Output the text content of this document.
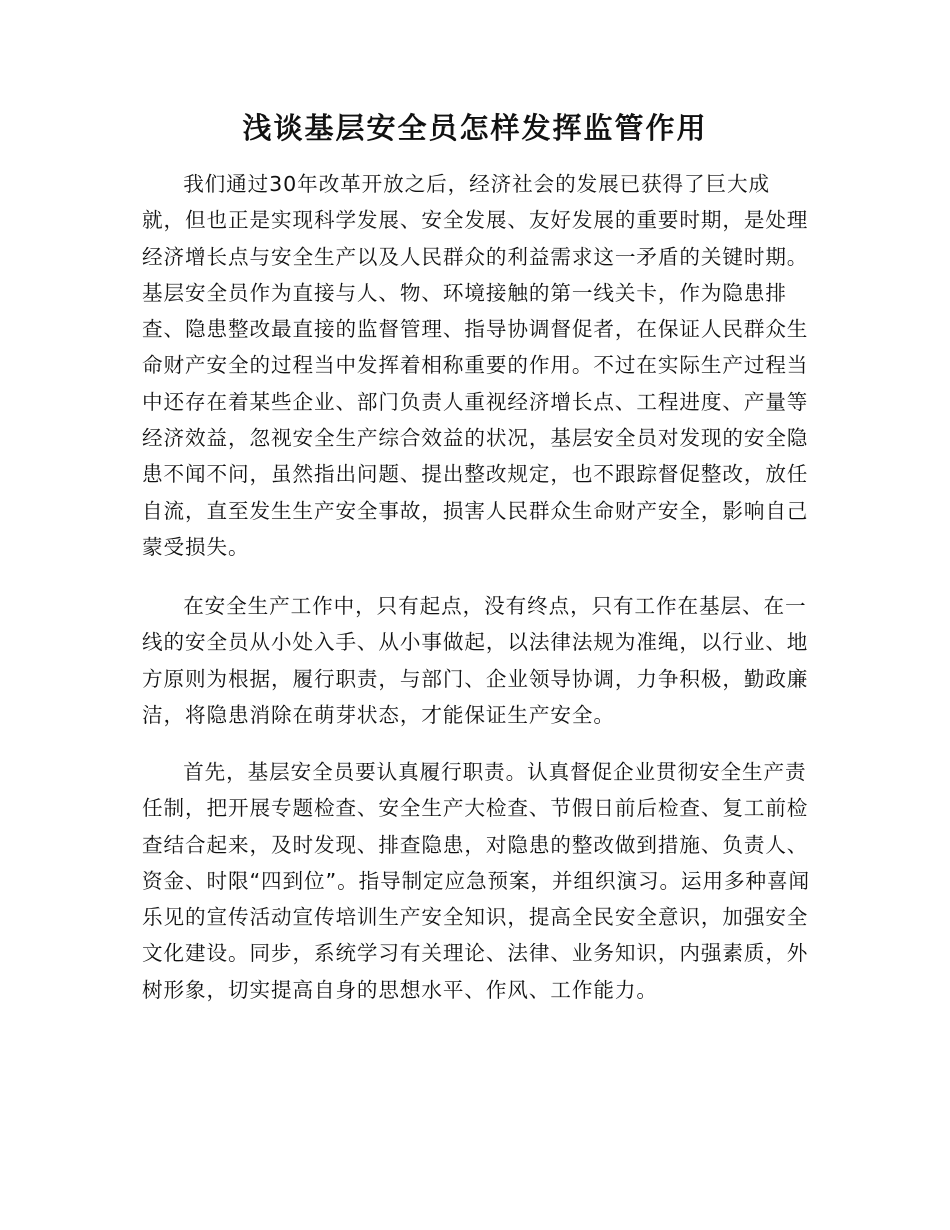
浅谈基层安全员怎样发挥监管作用

我们通过30年改革开放之后，经济社会的发展已获得了巨大成就，但也正是实现科学发展、安全发展、友好发展的重要时期，是处理经济增长点与安全生产以及人民群众的利益需求这一矛盾的关键时期。基层安全员作为直接与人、物、环境接触的第一线关卡，作为隐患排查、隐患整改最直接的监督管理、指导协调督促者，在保证人民群众生命财产安全的过程当中发挥着相称重要的作用。不过在实际生产过程当中还存在着某些企业、部门负责人重视经济增长点、工程进度、产量等经济效益，忽视安全生产综合效益的状况，基层安全员对发现的安全隐患不闻不问，虽然指出问题、提出整改规定，也不跟踪督促整改，放任自流，直至发生生产安全事故，损害人民群众生命财产安全，影响自己蒙受损失。

在安全生产工作中，只有起点，没有终点，只有工作在基层、在一线的安全员从小处入手、从小事做起，以法律法规为准绳，以行业、地方原则为根据，履行职责，与部门、企业领导协调，力争积极，勤政廉洁，将隐患消除在萌芽状态，才能保证生产安全。

首先，基层安全员要认真履行职责。认真督促企业贯彻安全生产责任制，把开展专题检查、安全生产大检查、节假日前后检查、复工前检查结合起来，及时发现、排查隐患，对隐患的整改做到措施、负责人、资金、时限“四到位”。指导制定应急预案，并组织演习。运用多种喜闻乐见的宣传活动宣传培训生产安全知识，提高全民安全意识，加强安全文化建设。同步，系统学习有关理论、法律、业务知识，内强素质，外树形象，切实提高自身的思想水平、作风、工作能力。
